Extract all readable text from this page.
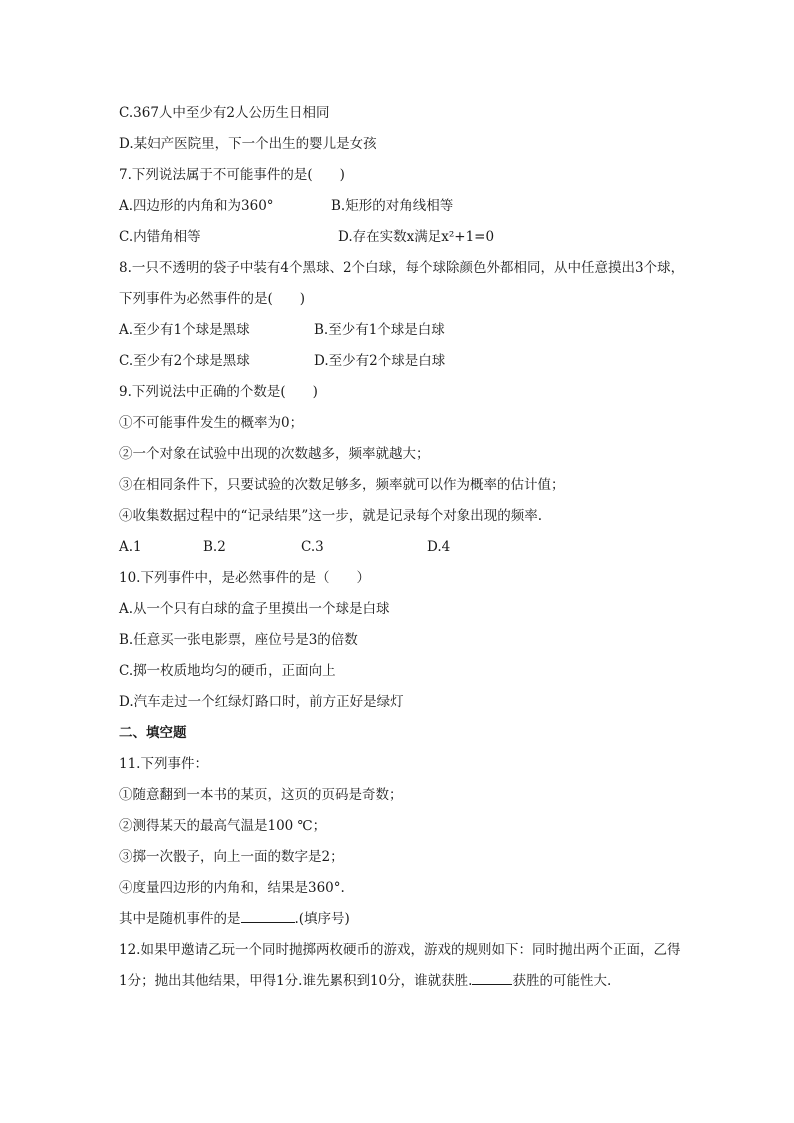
C.367人中至少有2人公历生日相同
D.某妇产医院里，下一个出生的婴儿是女孩
7.下列说法属于不可能事件的是(　　)
A.四边形的内角和为360°	B.矩形的对角线相等
C.内错角相等	D.存在实数x满足x²+1=0
8.一只不透明的袋子中装有4个黑球、2个白球，每个球除颜色外都相同，从中任意摸出3个球，
下列事件为必然事件的是(　　)
A.至少有1个球是黑球	B.至少有1个球是白球
C.至少有2个球是黑球	D.至少有2个球是白球
9.下列说法中正确的个数是(　　)
①不可能事件发生的概率为0；
②一个对象在试验中出现的次数越多，频率就越大；
③在相同条件下，只要试验的次数足够多，频率就可以作为概率的估计值；
④收集数据过程中的“记录结果”这一步，就是记录每个对象出现的频率.
A.1	B.2	C.3	D.4
10.下列事件中，是必然事件的是（　　）
A.从一个只有白球的盒子里摸出一个球是白球
B.任意买一张电影票，座位号是3的倍数
C.掷一枚质地均匀的硬币，正面向上
D.汽车走过一个红绿灯路口时，前方正好是绿灯
二、填空题
11.下列事件：
①随意翻到一本书的某页，这页的页码是奇数；
②测得某天的最高气温是100 ℃；
③掷一次骰子，向上一面的数字是2；
④度量四边形的内角和，结果是360°.
其中是随机事件的是	.(填序号)
12.如果甲邀请乙玩一个同时抛掷两枚硬币的游戏，游戏的规则如下：同时抛出两个正面，乙得
1分；抛出其他结果，甲得1分.谁先累积到10分，谁就获胜.	获胜的可能性大.
